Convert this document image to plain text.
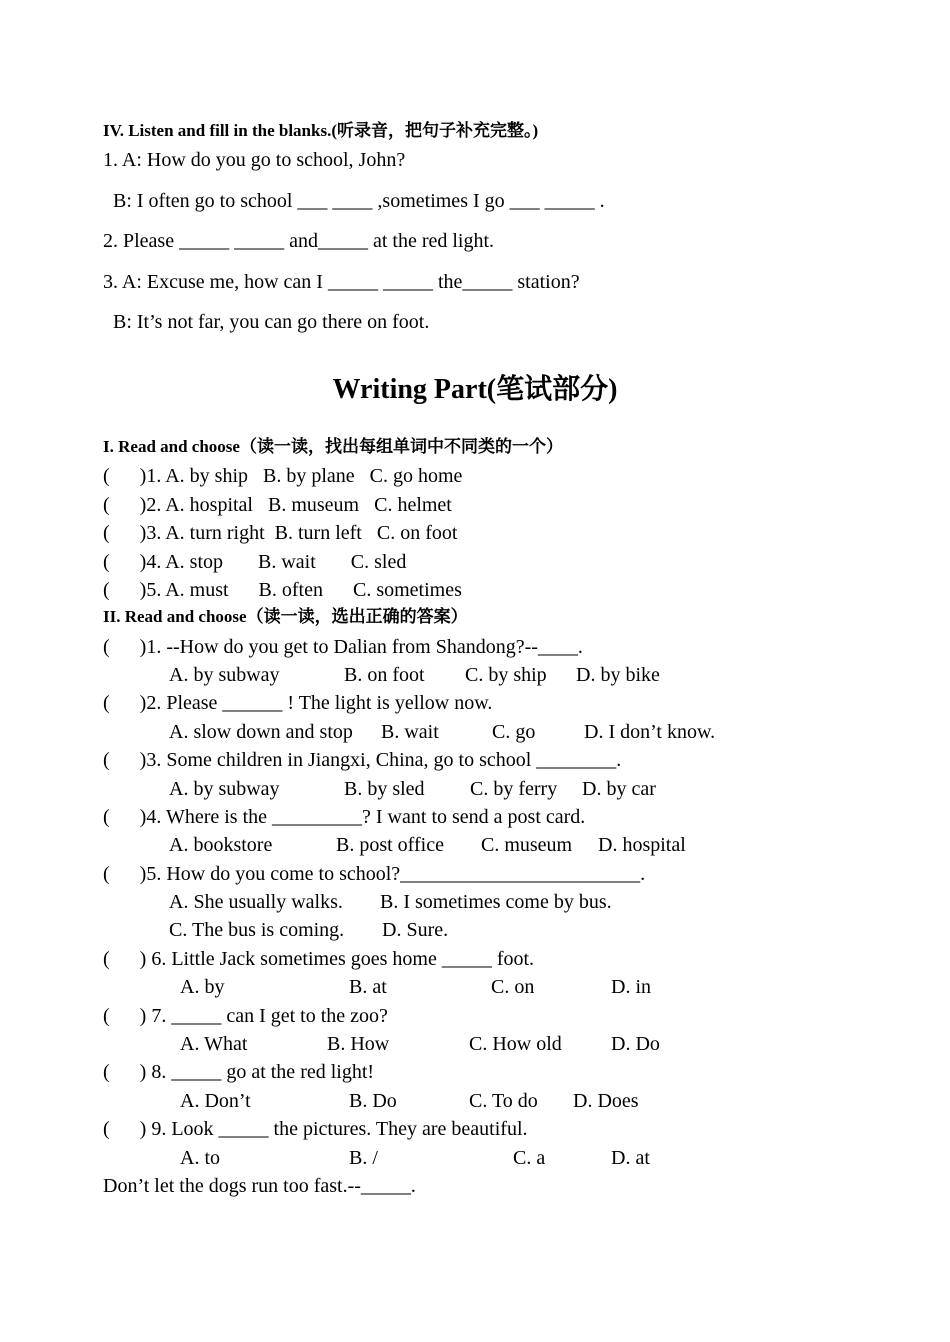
IV. Listen and fill in the blanks.(听录音，把句子补充完整。)
1. A: How do you go to school, John?
B: I often go to school ___ ____ ,sometimes I go ___ _____ .
2. Please _____ _____ and_____ at the red light.
3. A: Excuse me, how can I _____ _____ the_____ station?
B: It’s not far, you can go there on foot.
Writing Part(笔试部分)
I. Read and choose（读一读，找出每组单词中不同类的一个）
(      )1. A. by ship   B. by plane   C. go home
(      )2. A. hospital   B. museum   C. helmet
(      )3. A. turn right  B. turn left   C. on foot
(      )4. A. stop       B. wait       C. sled
(      )5. A. must      B. often      C. sometimes
II. Read and choose（读一读，选出正确的答案）
(      )1. --How do you get to Dalian from Shandong?--____.
A. by subway	B. on foot C. by ship D. by bike
(      )2. Please ______ ! The light is yellow now.
A. slow down and stop B. wait	C. go D. I don’t know.
(      )3. Some children in Jiangxi, China, go to school ________.
A. by subway	B. by sled C. by ferry D. by car
(      )4. Where is the _________? I want to send a post card.
A. bookstore	B. post office C. museum D. hospital
(      )5. How do you come to school?________________________.
A. She usually walks. B. I sometimes come by bus.
C. The bus is coming. D. Sure.
(      ) 6. Little Jack sometimes goes home _____ foot.
A. by	B. at	C. on	D. in
(      ) 7. _____ can I get to the zoo?
A. What	B. How	C. How old D. Do
(      ) 8. _____ go at the red light!
A. Don’t	B. Do	C. To do D. Does
(      ) 9. Look _____ the pictures. They are beautiful.
A. to	B. /	C. a	D. at
Don’t let the dogs run too fast.--_____.
